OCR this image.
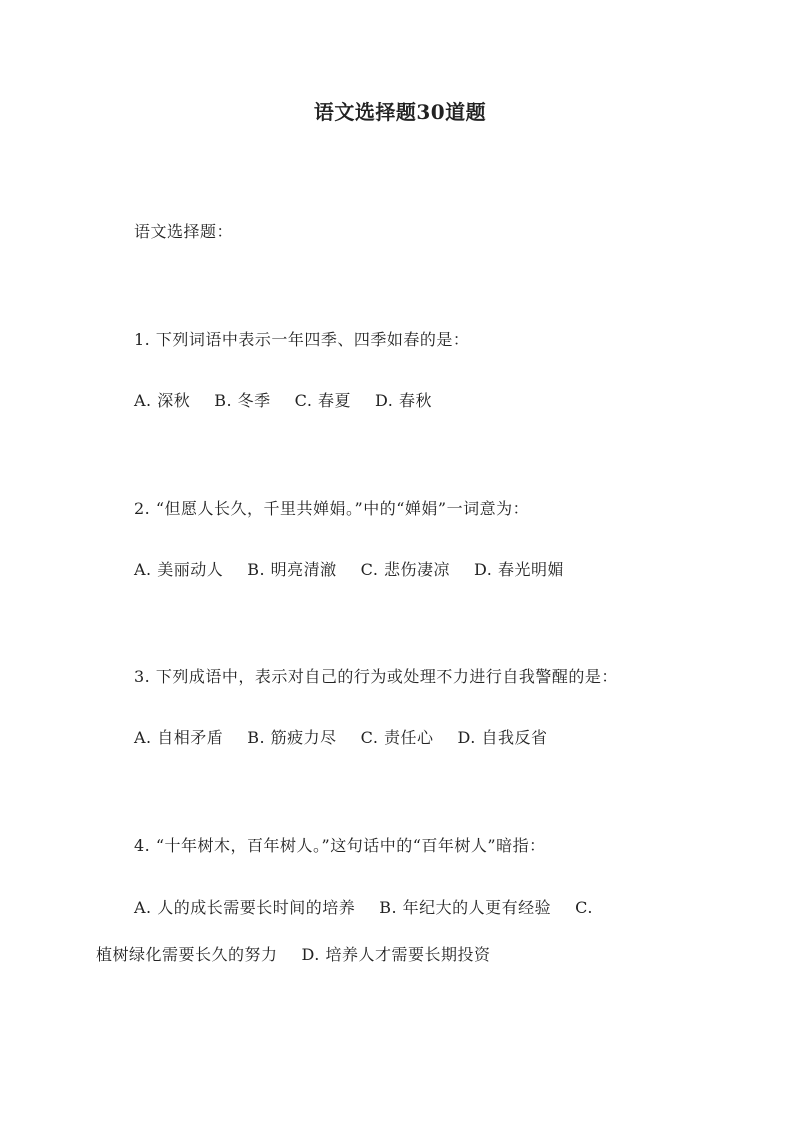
语文选择题30道题
语文选择题：
1. 下列词语中表示一年四季、四季如春的是：
A. 深秋 B. 冬季 C. 春夏 D. 春秋
2. “但愿人长久，千里共婵娟。”中的“婵娟”一词意为：
A. 美丽动人 B. 明亮清澈 C. 悲伤凄凉 D. 春光明媚
3. 下列成语中，表示对自己的行为或处理不力进行自我警醒的是：
A. 自相矛盾 B. 筋疲力尽 C. 责任心 D. 自我反省
4. “十年树木，百年树人。”这句话中的“百年树人”暗指：
A. 人的成长需要长时间的培养 B. 年纪大的人更有经验 C.
植树绿化需要长久的努力 D. 培养人才需要长期投资
